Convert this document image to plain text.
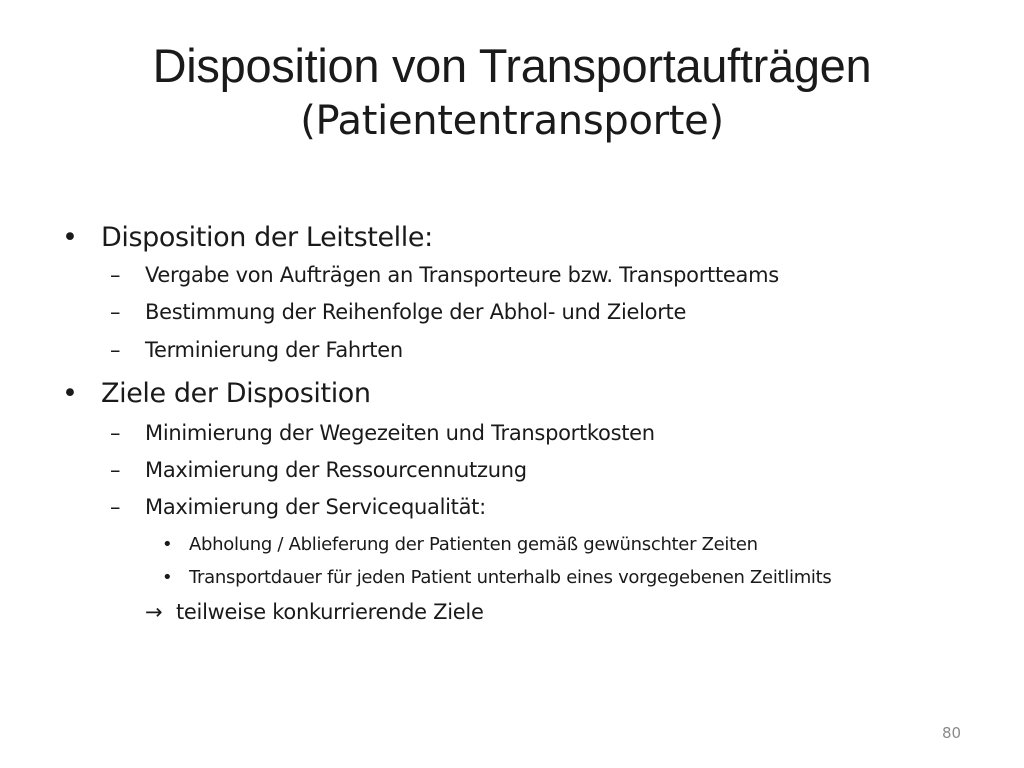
Disposition von Transportaufträgen
(Patiententransporte)
• Disposition der Leitstelle:
– Vergabe von Aufträgen an Transporteure bzw. Transportteams
– Bestimmung der Reihenfolge der Abhol- und Zielorte
– Terminierung der Fahrten
• Ziele der Disposition
– Minimierung der Wegezeiten und Transportkosten
– Maximierung der Ressourcennutzung
– Maximierung der Servicequalität:
• Abholung / Ablieferung der Patienten gemäß gewünschter Zeiten
• Transportdauer für jeden Patient unterhalb eines vorgegebenen Zeitlimits
→ teilweise konkurrierende Ziele
80
